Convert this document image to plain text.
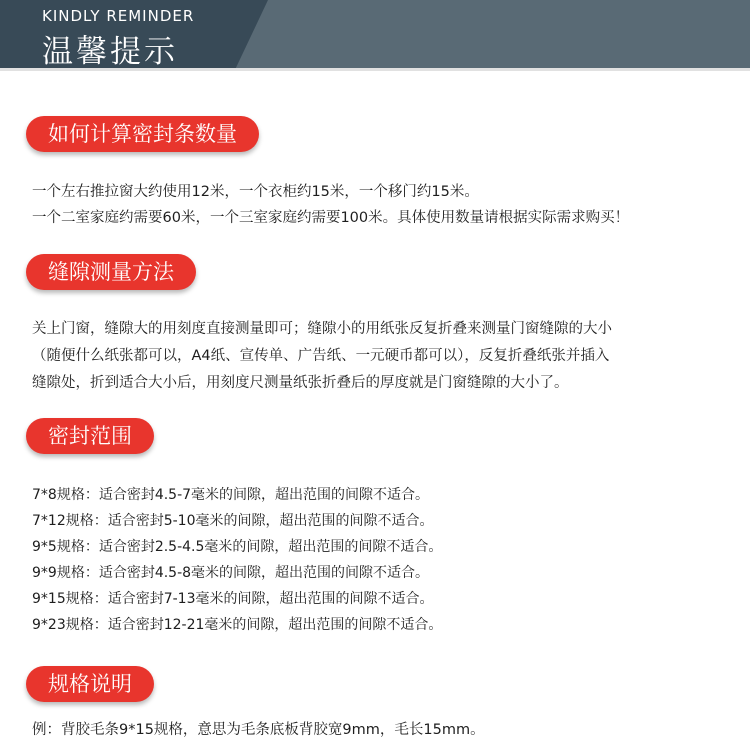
KINDLY REMINDER
温馨提示
如何计算密封条数量
一个左右推拉窗大约使用12米，一个衣柜约15米，一个移门约15米。
一个二室家庭约需要60米，一个三室家庭约需要100米。具体使用数量请根据实际需求购买！
缝隙测量方法
关上门窗，缝隙大的用刻度直接测量即可；缝隙小的用纸张反复折叠来测量门窗缝隙的大小
（随便什么纸张都可以，A4纸、宣传单、广告纸、一元硬币都可以），反复折叠纸张并插入
缝隙处，折到适合大小后，用刻度尺测量纸张折叠后的厚度就是门窗缝隙的大小了。
密封范围
7*8规格：适合密封4.5-7毫米的间隙，超出范围的间隙不适合。
7*12规格：适合密封5-10毫米的间隙，超出范围的间隙不适合。
9*5规格：适合密封2.5-4.5毫米的间隙，超出范围的间隙不适合。
9*9规格：适合密封4.5-8毫米的间隙，超出范围的间隙不适合。
9*15规格：适合密封7-13毫米的间隙，超出范围的间隙不适合。
9*23规格：适合密封12-21毫米的间隙，超出范围的间隙不适合。
规格说明
例：背胶毛条9*15规格，意思为毛条底板背胶宽9mm，毛长15mm。
